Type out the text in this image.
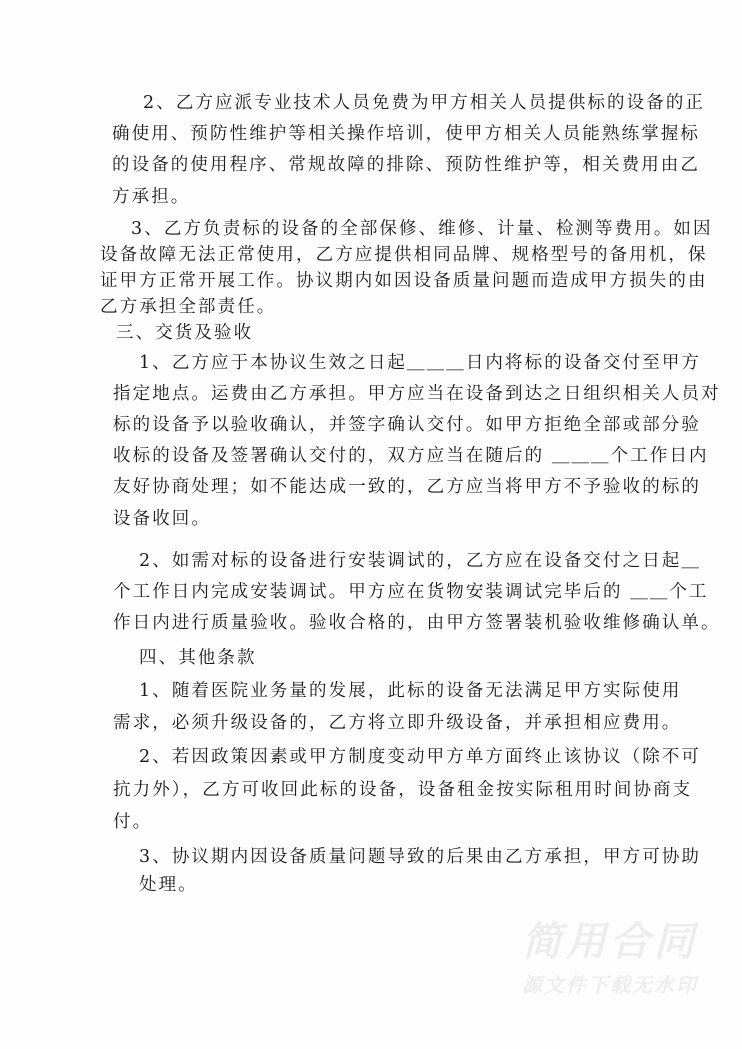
2、乙方应派专业技术人员免费为甲方相关人员提供标的设备的正
确使用、预防性维护等相关操作培训，使甲方相关人员能熟练掌握标
的设备的使用程序、常规故障的排除、预防性维护等，相关费用由乙
方承担。
3、乙方负责标的设备的全部保修、维修、计量、检测等费用。如因
设备故障无法正常使用，乙方应提供相同品牌、规格型号的备用机，保
证甲方正常开展工作。协议期内如因设备质量问题而造成甲方损失的由
乙方承担全部责任。
三、交货及验收
1、乙方应于本协议生效之日起＿＿＿日内将标的设备交付至甲方
指定地点。运费由乙方承担。甲方应当在设备到达之日组织相关人员对
标的设备予以验收确认，并签字确认交付。如甲方拒绝全部或部分验
收标的设备及签署确认交付的，双方应当在随后的 ＿＿＿个工作日内
友好协商处理；如不能达成一致的，乙方应当将甲方不予验收的标的
设备收回。
2、如需对标的设备进行安装调试的，乙方应在设备交付之日起＿
个工作日内完成安装调试。甲方应在货物安装调试完毕后的 ＿＿个工
作日内进行质量验收。验收合格的，由甲方签署装机验收维修确认单。
四、其他条款
1、随着医院业务量的发展，此标的设备无法满足甲方实际使用
需求，必须升级设备的，乙方将立即升级设备，并承担相应费用。
2、若因政策因素或甲方制度变动甲方单方面终止该协议（除不可
抗力外），乙方可收回此标的设备，设备租金按实际租用时间协商支
付。
3、协议期内因设备质量问题导致的后果由乙方承担，甲方可协助
处理。
简用合同
源文件下载无水印
